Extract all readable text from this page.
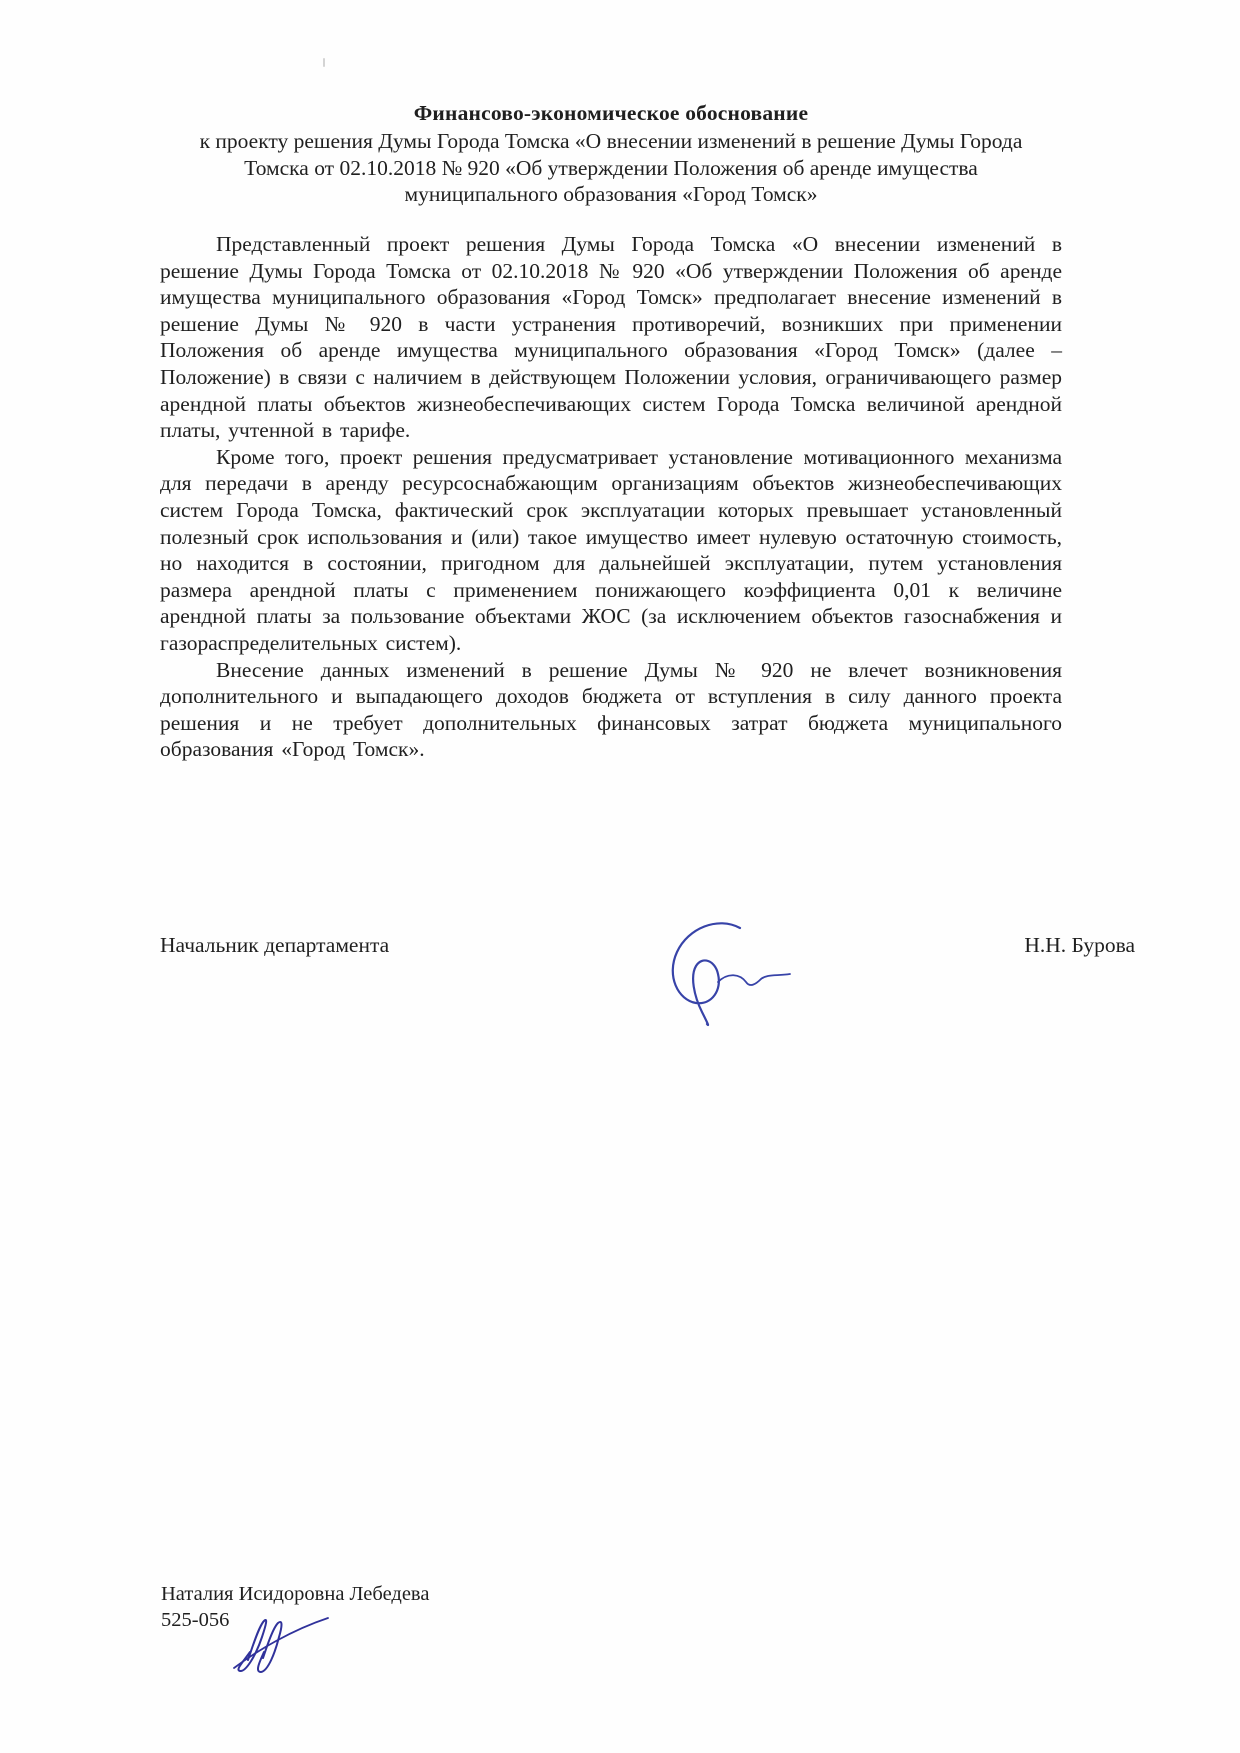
Финансово-экономическое обоснование
к проекту решения Думы Города Томска «О внесении изменений в решение Думы Города Томска от 02.10.2018 № 920 «Об утверждении Положения об аренде имущества муниципального образования «Город Томск»

Представленный проект решения Думы Города Томска «О внесении изменений в решение Думы Города Томска от 02.10.2018 № 920 «Об утверждении Положения об аренде имущества муниципального образования «Город Томск» предполагает внесение изменений в решение Думы № 920 в части устранения противоречий, возникших при применении Положения об аренде имущества муниципального образования «Город Томск» (далее – Положение) в связи с наличием в действующем Положении условия, ограничивающего размер арендной платы объектов жизнеобеспечивающих систем Города Томска величиной арендной платы, учтенной в тарифе.

Кроме того, проект решения предусматривает установление мотивационного механизма для передачи в аренду ресурсоснабжающим организациям объектов жизнеобеспечивающих систем Города Томска, фактический срок эксплуатации которых превышает установленный полезный срок использования и (или) такое имущество имеет нулевую остаточную стоимость, но находится в состоянии, пригодном для дальнейшей эксплуатации, путем установления размера арендной платы с применением понижающего коэффициента 0,01 к величине арендной платы за пользование объектами ЖОС (за исключением объектов газоснабжения и газораспределительных систем).

Внесение данных изменений в решение Думы № 920 не влечет возникновения дополнительного и выпадающего доходов бюджета от вступления в силу данного проекта решения и не требует дополнительных финансовых затрат бюджета муниципального образования «Город Томск».

Начальник департамента	Н.Н. Бурова
Наталия Исидоровна Лебедева
525-056
